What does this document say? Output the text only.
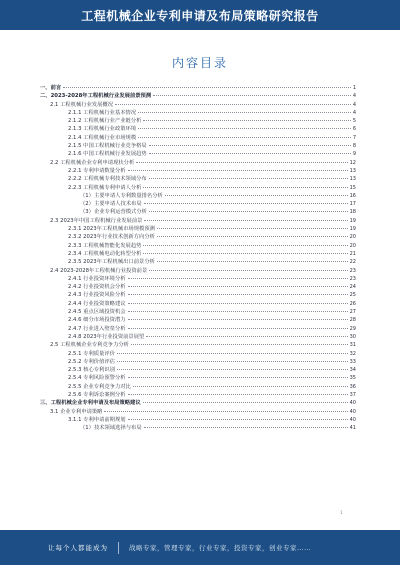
工程机械企业专利申请及布局策略研究报告
内容目录
一、前言	1
二、2023-2028年工程机械行业发展前景预测	4
2.1 工程机械行业发展概况	4
2.1.1 工程机械行业基本情况	4
2.1.2 工程机械行业产业链分析	5
2.1.3 工程机械行业政策环境	6
2.1.4 工程机械行业市场规模	7
2.1.5 中国工程机械行业竞争格局	8
2.1.6 中国工程机械行业发展趋势	9
2.2 工程机械企业专利申请现状分析	12
2.2.1 专利申请数量分析	13
2.2.2 工程机械专利技术领域分布	13
2.2.3 工程机械专利申请人分析	15
（1）主要申请人专利数量排名分析	16
（2）主要申请人技术布局	17
（3）企业专利运营模式分析	18
2.3 2023年中国工程机械行业发展前景	19
2.3.1 2023年工程机械市场规模预测	19
2.3.2 2023年行业技术创新方向分析	20
2.3.3 工程机械智能化发展趋势	20
2.3.4 工程机械电动化转型分析	21
2.3.5 2023年工程机械出口前景分析	22
2.4 2023-2028年工程机械行业投资前景	23
2.4.1 行业投资环境分析	23
2.4.2 行业投资机会分析	24
2.4.3 行业投资风险分析	25
2.4.4 行业投资策略建议	26
2.4.5 重点区域投资机会	27
2.4.6 细分市场投资潜力	28
2.4.7 行业进入壁垒分析	29
2.4.8 2023年行业投资前景展望	30
2.5 工程机械企业专利竞争力分析	31
2.5.1 专利质量评价	32
2.5.2 专利价值评估	33
2.5.3 核心专利识别	34
2.5.4 专利风险预警分析	35
2.5.5 企业专利竞争力对比	36
2.5.6 专利诉讼案例分析	37
三、工程机械企业专利申请及布局策略建议	40
3.1 企业专利申请策略	40
3.1.1 专利申请前期规划	40
（1）技术领域选择与布局	41
1
让每个人都能成为	战略专家，管理专家，行业专家，投资专家，创业专家……
